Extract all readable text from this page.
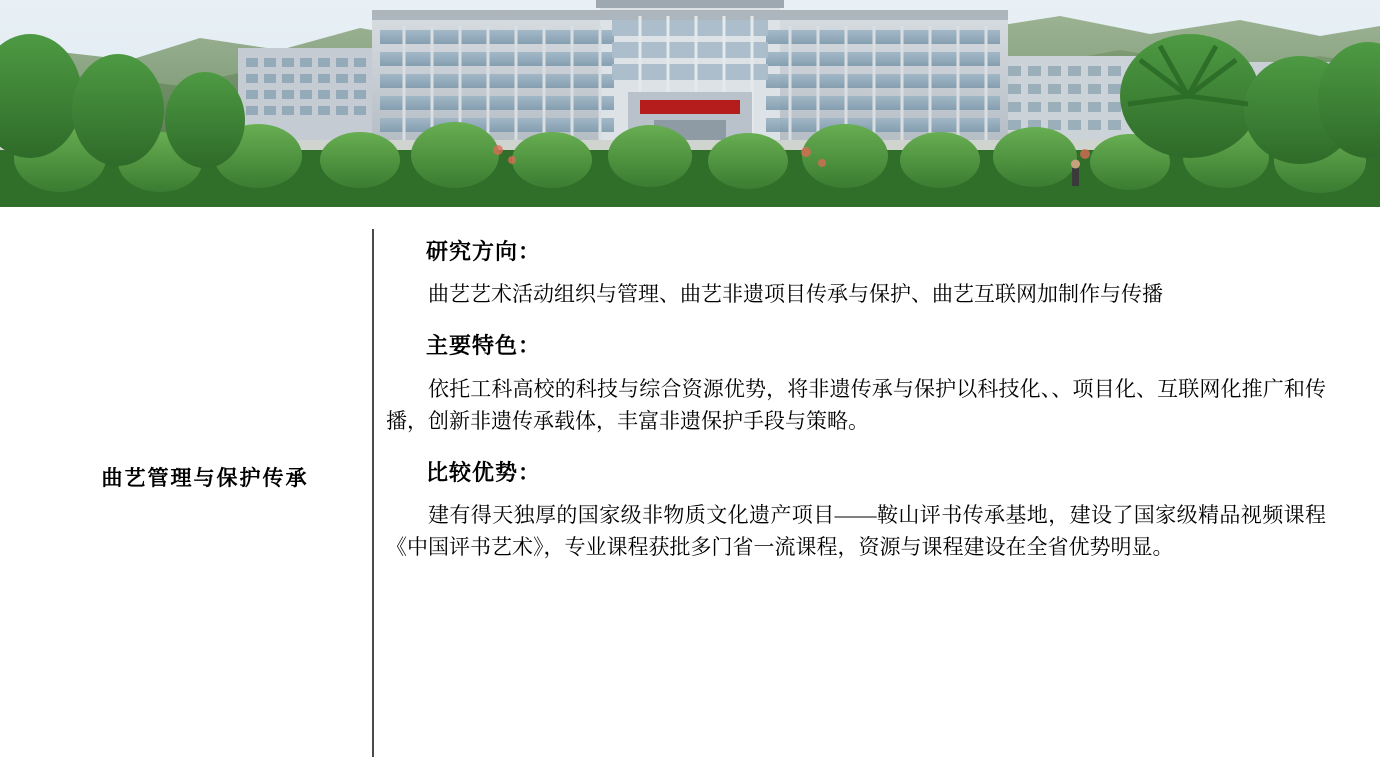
曲艺管理与保护传承
研究方向：

曲艺艺术活动组织与管理、曲艺非遗项目传承与保护、曲艺互联网加制作与传播

主要特色：

依托工科高校的科技与综合资源优势，将非遗传承与保护以科技化、、项目化、互联网化推广和传播，创新非遗传承载体，丰富非遗保护手段与策略。

比较优势：

建有得天独厚的国家级非物质文化遗产项目——鞍山评书传承基地，建设了国家级精品视频课程《中国评书艺术》，专业课程获批多门省一流课程，资源与课程建设在全省优势明显。
